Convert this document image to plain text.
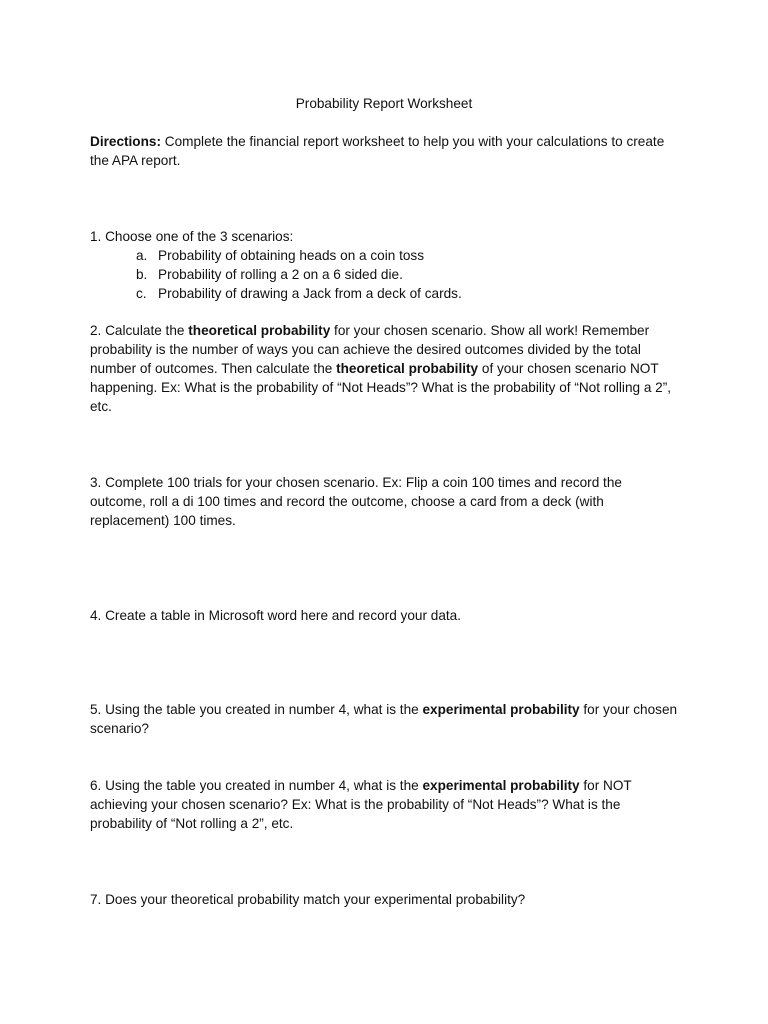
Probability Report Worksheet

Directions: Complete the financial report worksheet to help you with your calculations to create the APA report.

1. Choose one of the 3 scenarios:

a. Probability of obtaining heads on a coin toss
b. Probability of rolling a 2 on a 6 sided die.
c. Probability of drawing a Jack from a deck of cards.

2. Calculate the theoretical probability for your chosen scenario. Show all work! Remember probability is the number of ways you can achieve the desired outcomes divided by the total number of outcomes. Then calculate the theoretical probability of your chosen scenario NOT happening. Ex: What is the probability of “Not Heads”? What is the probability of “Not rolling a 2”, etc.

3. Complete 100 trials for your chosen scenario. Ex: Flip a coin 100 times and record the outcome, roll a di 100 times and record the outcome, choose a card from a deck (with replacement) 100 times.

4. Create a table in Microsoft word here and record your data.

5. Using the table you created in number 4, what is the experimental probability for your chosen scenario?

6. Using the table you created in number 4, what is the experimental probability for NOT achieving your chosen scenario? Ex: What is the probability of “Not Heads”? What is the probability of “Not rolling a 2”, etc.

7. Does your theoretical probability match your experimental probability?
